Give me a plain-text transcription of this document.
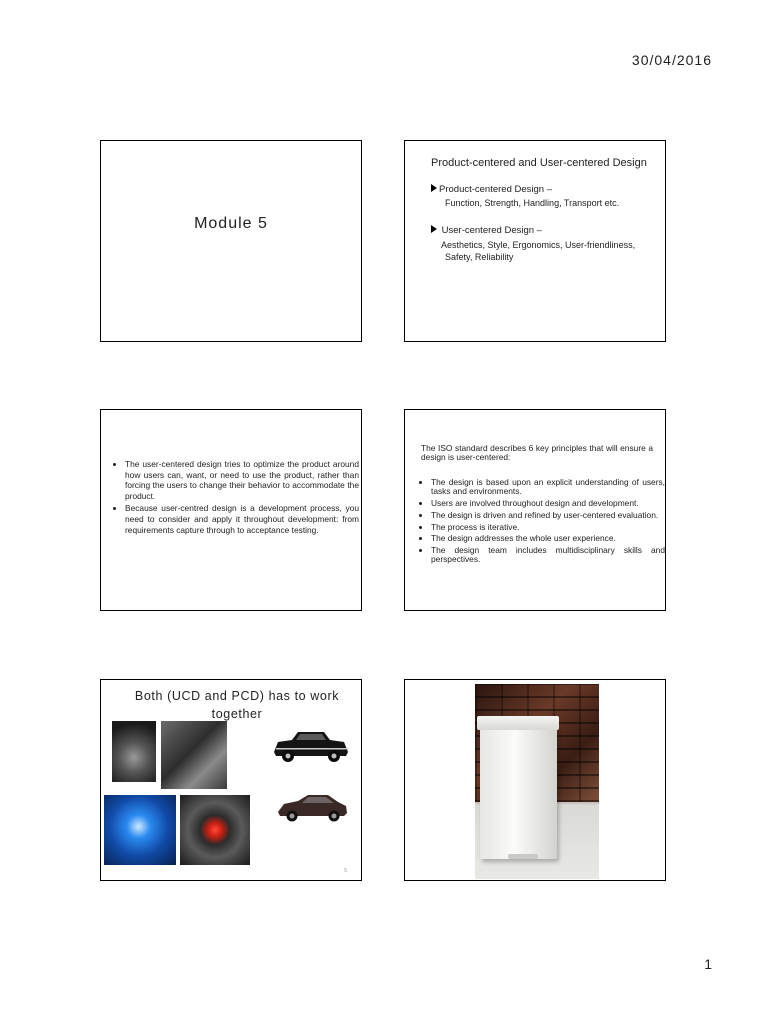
30/04/2016
Module 5
Product-centered and User-centered Design
Product-centered Design –
Function, Strength, Handling, Transport etc.
User-centered Design –
Aesthetics, Style, Ergonomics, User-friendliness,
Safety, Reliability
• The user-centered design tries to optimize the product around how users can, want, or need to use the product, rather than forcing the users to change their behavior to accommodate the product.
• Because user-centred design is a development process, you need to consider and apply it throughout development: from requirements capture through to acceptance testing.
The ISO standard describes 6 key principles that will ensure a design is user-centered:
• The design is based upon an explicit understanding of users, tasks and environments.
• Users are involved throughout design and development.
• The design is driven and refined by user-centered evaluation.
• The process is iterative.
• The design addresses the whole user experience.
• The design team includes multidisciplinary skills and perspectives.
Both (UCD and PCD) has to work together
5
1
